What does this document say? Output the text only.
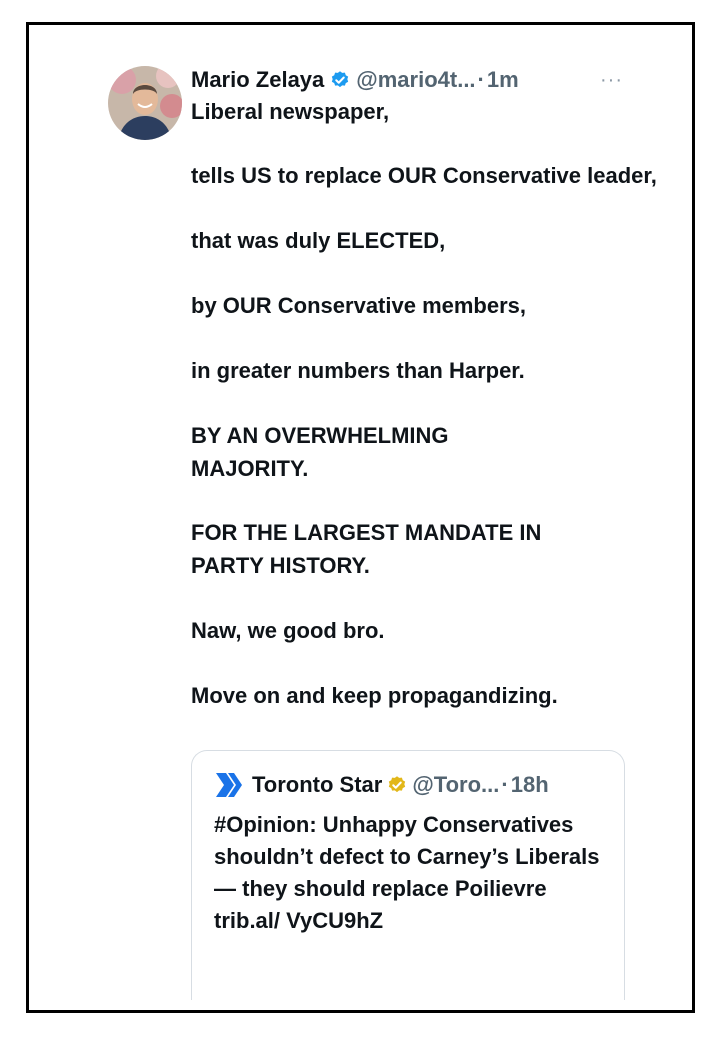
Mario Zelaya @mario4t... · 1m	···

Liberal newspaper,

tells US to replace OUR Conservative leader,

that was duly ELECTED,

by OUR Conservative members,

in greater numbers than Harper.

BY AN OVERWHELMING MAJORITY.

FOR THE LARGEST MANDATE IN PARTY HISTORY.

Naw, we good bro.

Move on and keep propagandizing.

Toronto Star @Toro... · 18h
#Opinion: Unhappy Conservatives shouldn’t defect to Carney’s Liberals — they should replace Poilievre trib.al/ VyCU9hZ
